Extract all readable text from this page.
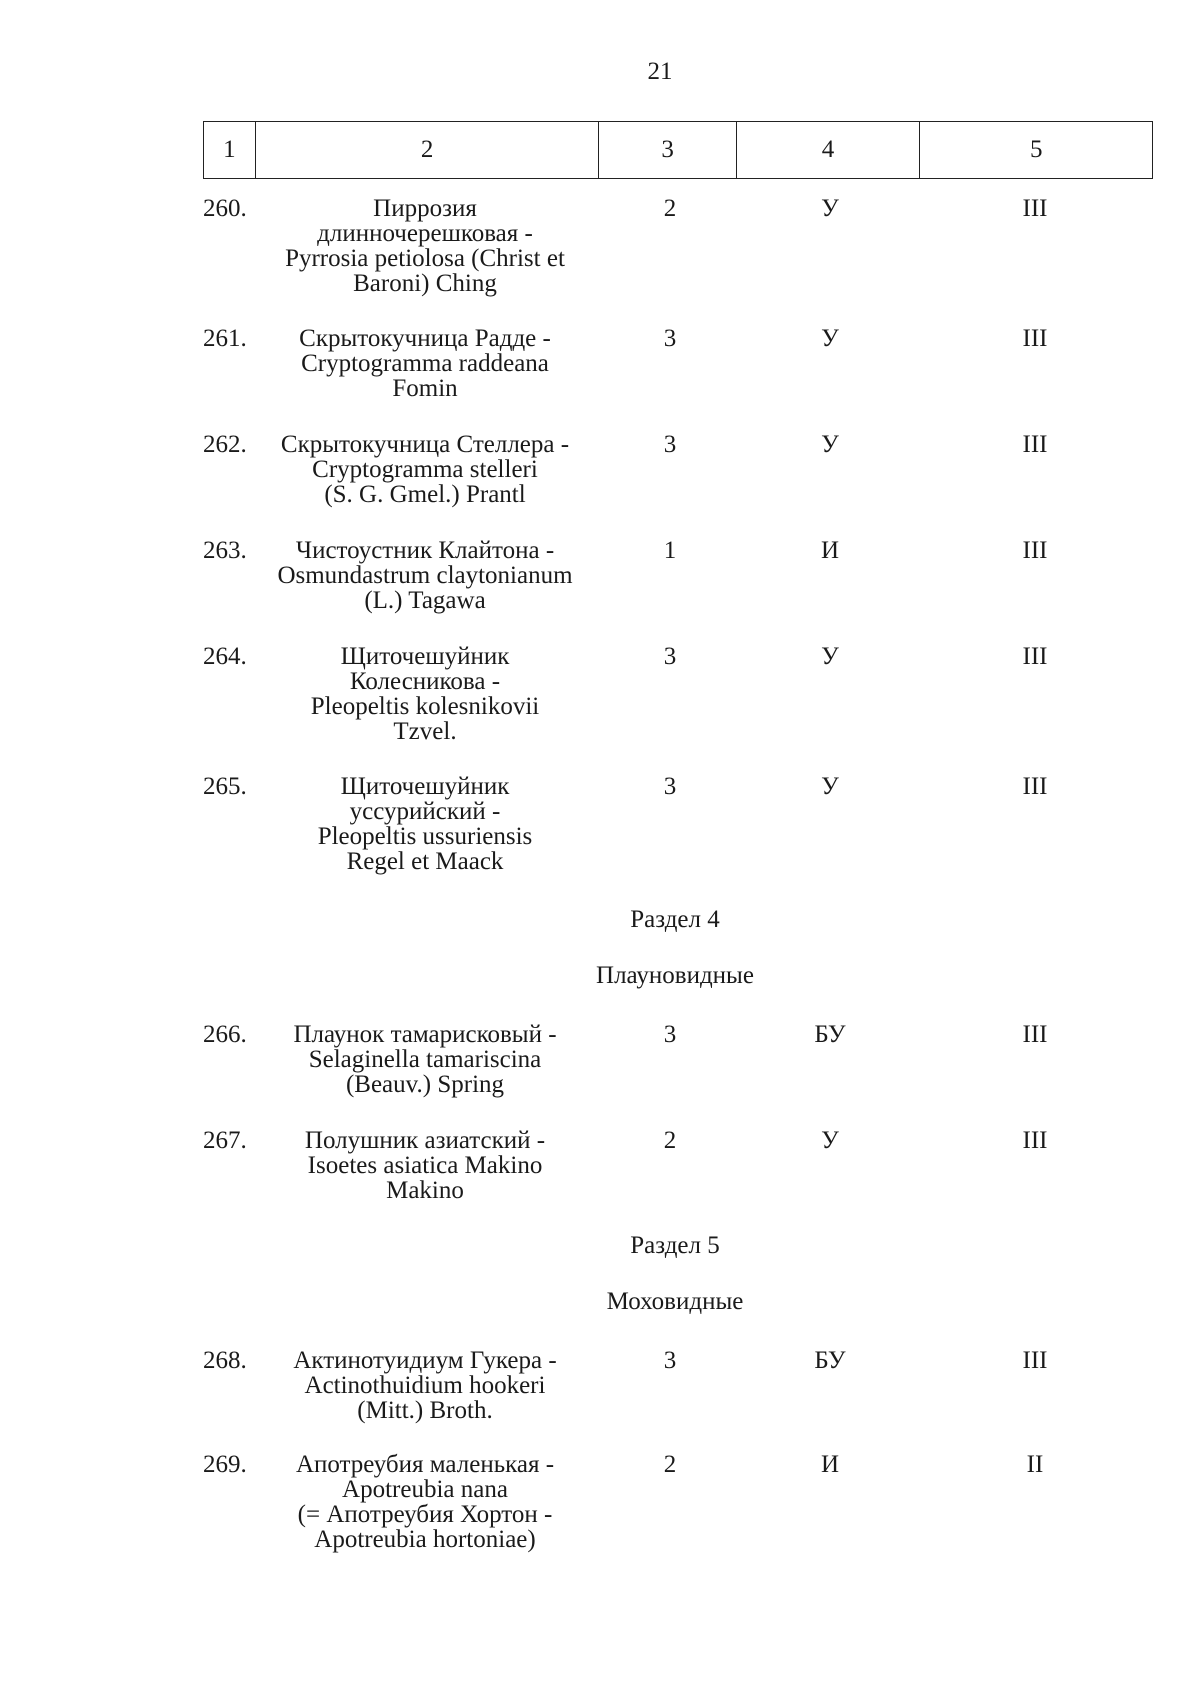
21
1	2	3	4	5
260.	Пиррозия
длинночерешковая -
Pyrrosia petiolosa (Christ et
Baroni) Ching
2	У	III
261.	Скрытокучница Радде -
Cryptogramma raddeana
Fomin
3	У	III
262.	Скрытокучница Стеллера -
Cryptogramma stelleri
(S. G. Gmel.) Prantl
3	У	III
263.	Чистоустник Клайтона -
Osmundastrum claytonianum
(L.) Tagawa
1	И	III
264.	Щиточешуйник
Колесникова -
Pleopeltis kolesnikovii
Tzvel.
3	У	III
265.	Щиточешуйник
уссурийский -
Pleopeltis ussuriensis
Regel et Maack
3	У	III
Раздел 4
Плауновидные
266.	Плаунок тамарисковый -
Selaginella tamariscina
(Beauv.) Spring
3	БУ	III
267.	Полушник азиатский -
Isoetes asiatica Makino
Makino
2	У	III
Раздел 5
Моховидные
268.	Актинотуидиум Гукера -
Actinothuidium hookeri
(Mitt.) Broth.
3	БУ	III
269.	Апотреубия маленькая -
Apotreubia nana
(= Апотреубия Хортон -
Apotreubia hortoniae)
2	И	II
